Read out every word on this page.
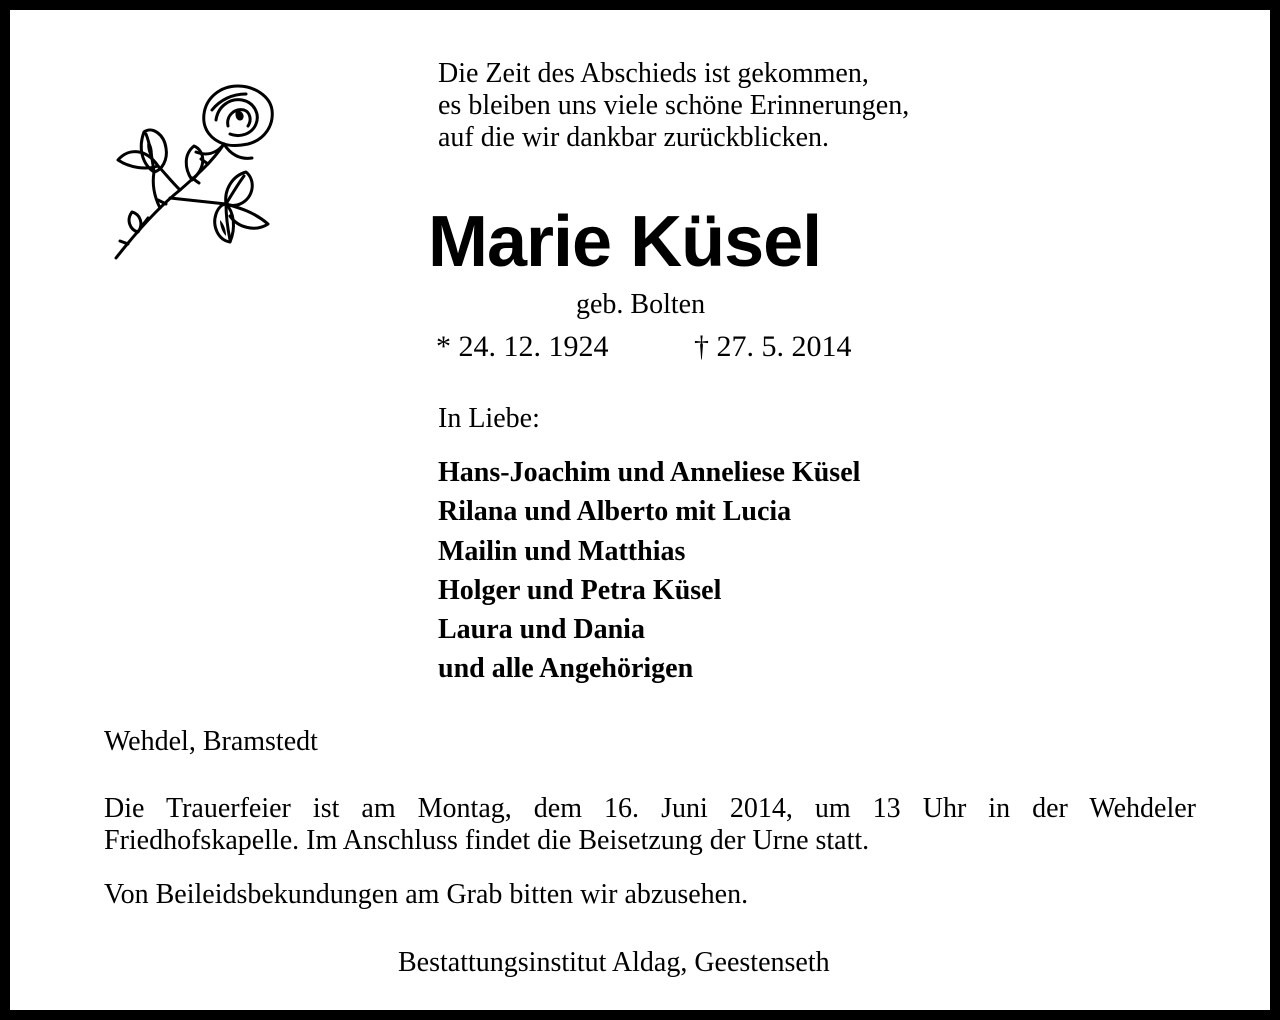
Die Zeit des Abschieds ist gekommen,
es bleiben uns viele schöne Erinnerungen,
auf die wir dankbar zurückblicken.
Marie Küsel
geb. Bolten
* 24. 12. 1924	† 27. 5. 2014
In Liebe:
Hans-Joachim und Anneliese Küsel
Rilana und Alberto mit Lucia
Mailin und Matthias
Holger und Petra Küsel
Laura und Dania
und alle Angehörigen
Wehdel, Bramstedt
Die Trauerfeier ist am Montag, dem 16. Juni 2014, um 13 Uhr in der Wehdeler
Friedhofskapelle. Im Anschluss findet die Beisetzung der Urne statt.
Von Beileidsbekundungen am Grab bitten wir abzusehen.
Bestattungsinstitut Aldag, Geestenseth
